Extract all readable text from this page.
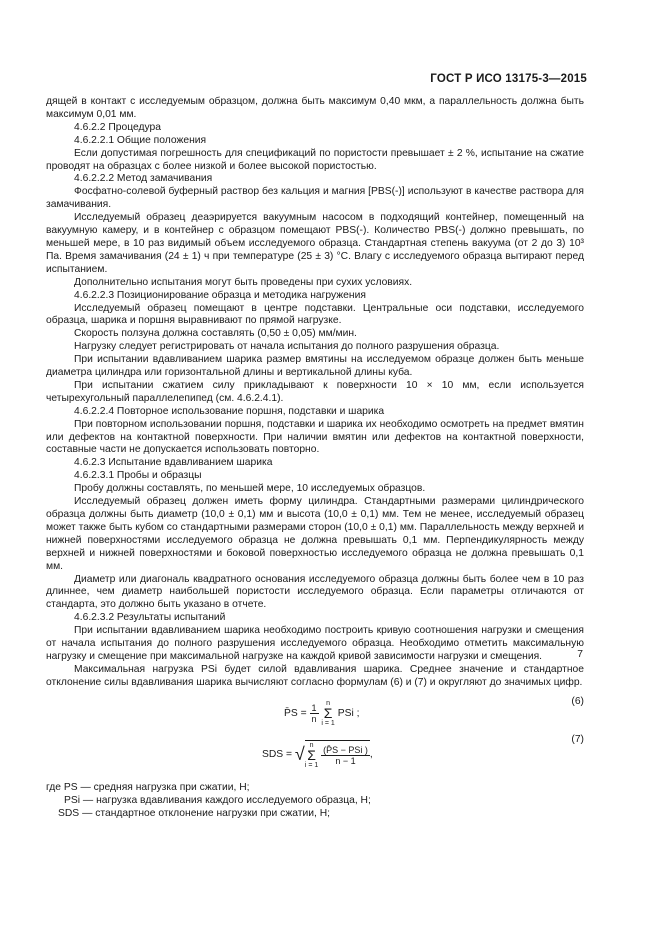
ГОСТ Р ИСО 13175-3—2015

дящей в контакт с исследуемым образцом, должна быть максимум 0,40 мкм, а параллельность должна быть максимум 0,01 мм.

4.6.2.2 Процедура

4.6.2.2.1 Общие положения

Если допустимая погрешность для спецификаций по пористости превышает ± 2 %, испытание на сжатие проводят на образцах с более низкой и более высокой пористостью.

4.6.2.2.2 Метод замачивания

Фосфатно-солевой буферный раствор без кальция и магния [PBS(-)] используют в качестве раствора для замачивания.

Исследуемый образец деаэрируется вакуумным насосом в подходящий контейнер, помещенный на вакуумную камеру, и в контейнер с образцом помещают PBS(-). Количество PBS(-) должно превышать, по меньшей мере, в 10 раз видимый объем исследуемого образца. Стандартная степень вакуума (от 2 до 3) 10³ Па. Время замачивания (24 ± 1) ч при температуре (25 ± 3) °C. Влагу с исследуемого образца вытирают перед испытанием.

Дополнительно испытания могут быть проведены при сухих условиях.

4.6.2.2.3 Позиционирование образца и методика нагружения

Исследуемый образец помещают в центре подставки. Центральные оси подставки, исследуемого образца, шарика и поршня выравнивают по прямой нагрузке.

Скорость ползуна должна составлять (0,50 ± 0,05) мм/мин.

Нагрузку следует регистрировать от начала испытания до полного разрушения образца.

При испытании вдавливанием шарика размер вмятины на исследуемом образце должен быть меньше диаметра цилиндра или горизонтальной длины и вертикальной длины куба.

При испытании сжатием силу прикладывают к поверхности 10 × 10 мм, если используется четырехугольный параллелепипед (см. 4.6.2.4.1).

4.6.2.2.4 Повторное использование поршня, подставки и шарика

При повторном использовании поршня, подставки и шарика их необходимо осмотреть на предмет вмятин или дефектов на контактной поверхности. При наличии вмятин или дефектов на контактной поверхности, составные части не допускается использовать повторно.

4.6.2.3 Испытание вдавливанием шарика

4.6.2.3.1 Пробы и образцы

Пробу должны составлять, по меньшей мере, 10 исследуемых образцов.

Исследуемый образец должен иметь форму цилиндра. Стандартными размерами цилиндрического образца должны быть диаметр (10,0 ± 0,1) мм и высота (10,0 ± 0,1) мм. Тем не менее, исследуемый образец может также быть кубом со стандартными размерами сторон (10,0 ± 0,1) мм. Параллельность между верхней и нижней поверхностями исследуемого образца не должна превышать 0,1 мм. Перпендикулярность между верхней и нижней поверхностями и боковой поверхностью исследуемого образца не должна превышать 0,1 мм.

Диаметр или диагональ квадратного основания исследуемого образца должны быть более чем в 10 раз длиннее, чем диаметр наибольшей пористости исследуемого образца. Если параметры отличаются от стандарта, это должно быть указано в отчете.

4.6.2.3.2 Результаты испытаний

При испытании вдавливанием шарика необходимо построить кривую соотношения нагрузки и смещения от начала испытания до полного разрушения исследуемого образца. Необходимо отметить максимальную нагрузку и смещение при максимальной нагрузке на каждой кривой зависимости нагрузки и смещения.

Максимальная нагрузка PSi будет силой вдавливания шарика. Среднее значение и стандартное отклонение силы вдавливания шарика вычисляют согласно формулам (6) и (7) и округляют до значимых цифр.

P̄S = $\frac{1}{n}$ n
Σ
i = 1 PSi ;
(6)
SDS = √ n
Σ
$i = 1 \frac{\text{(P̄S − PSi )}}{n - 1}$ ,
(7)
где PS — средняя нагрузка при сжатии, Н;
PSi — нагрузка вдавливания каждого исследуемого образца, Н;
SDS — стандартное отклонение нагрузки при сжатии, Н;
7
